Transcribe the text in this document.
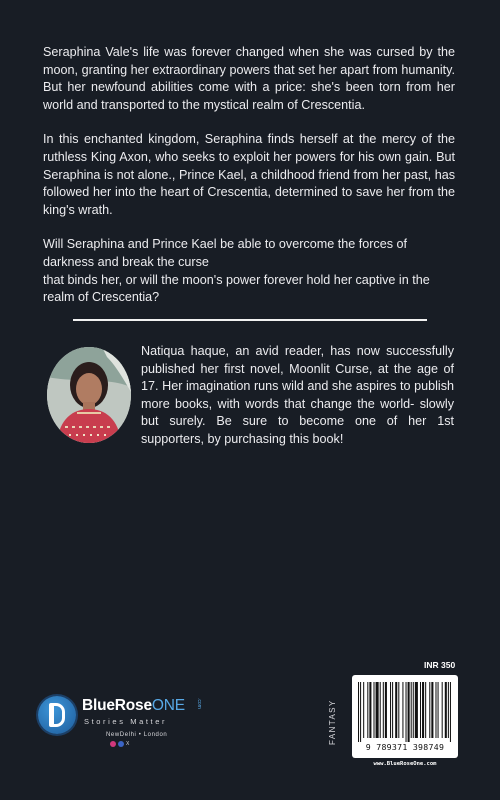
Seraphina Vale's life was forever changed when she was cursed by the moon, granting her extraordinary powers that set her apart from humanity. But her newfound abilities come with a price: she's been torn from her world and transported to the mystical realm of Crescentia.

In this enchanted kingdom, Seraphina finds herself at the mercy of the ruthless King Axon, who seeks to exploit her powers for his own gain. But Seraphina is not alone., Prince Kael, a childhood friend from her past, has followed her into the heart of Crescentia, determined to save her from the king's wrath.

Will Seraphina and Prince Kael be able to overcome the forces of darkness and break the curse
that binds her, or will the moon's power forever hold her captive in the realm of Crescentia?

Natiqua haque, an avid reader, has now successfully published her first novel, Moonlit Curse, at the age of 17. Her imagination runs wild and she aspires to publish more books, with words that change the world- slowly but surely. Be sure to become one of her 1st supporters, by purchasing this book!

BlueRoseONE .com
Stories Matter
NewDelhi • London
X	FANTASY
INR 350
9 789371 398749
www.BlueRoseOne.com
